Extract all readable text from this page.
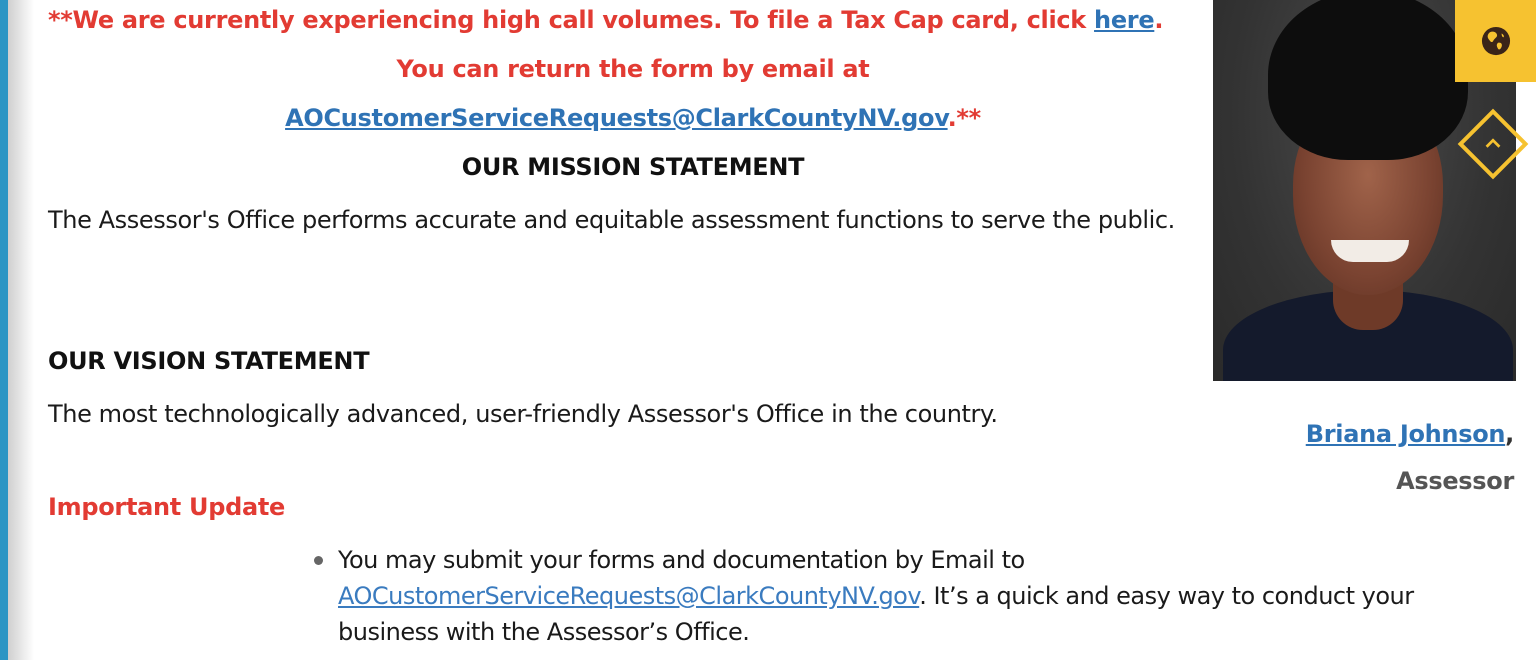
**We are currently experiencing high call volumes. To file a Tax Cap card, click here.
You can return the form by email at
AOCustomerServiceRequests@ClarkCountyNV.gov.**
OUR MISSION STATEMENT
The Assessor's Office performs accurate and equitable assessment functions to serve the public.
OUR VISION STATEMENT
The most technologically advanced, user-friendly Assessor's Office in the country.
Important Update
You may submit your forms and documentation by Email to AOCustomerServiceRequests@ClarkCountyNV.gov. It’s a quick and easy way to conduct your business with the Assessor’s Office.
Briana Johnson,
Assessor
